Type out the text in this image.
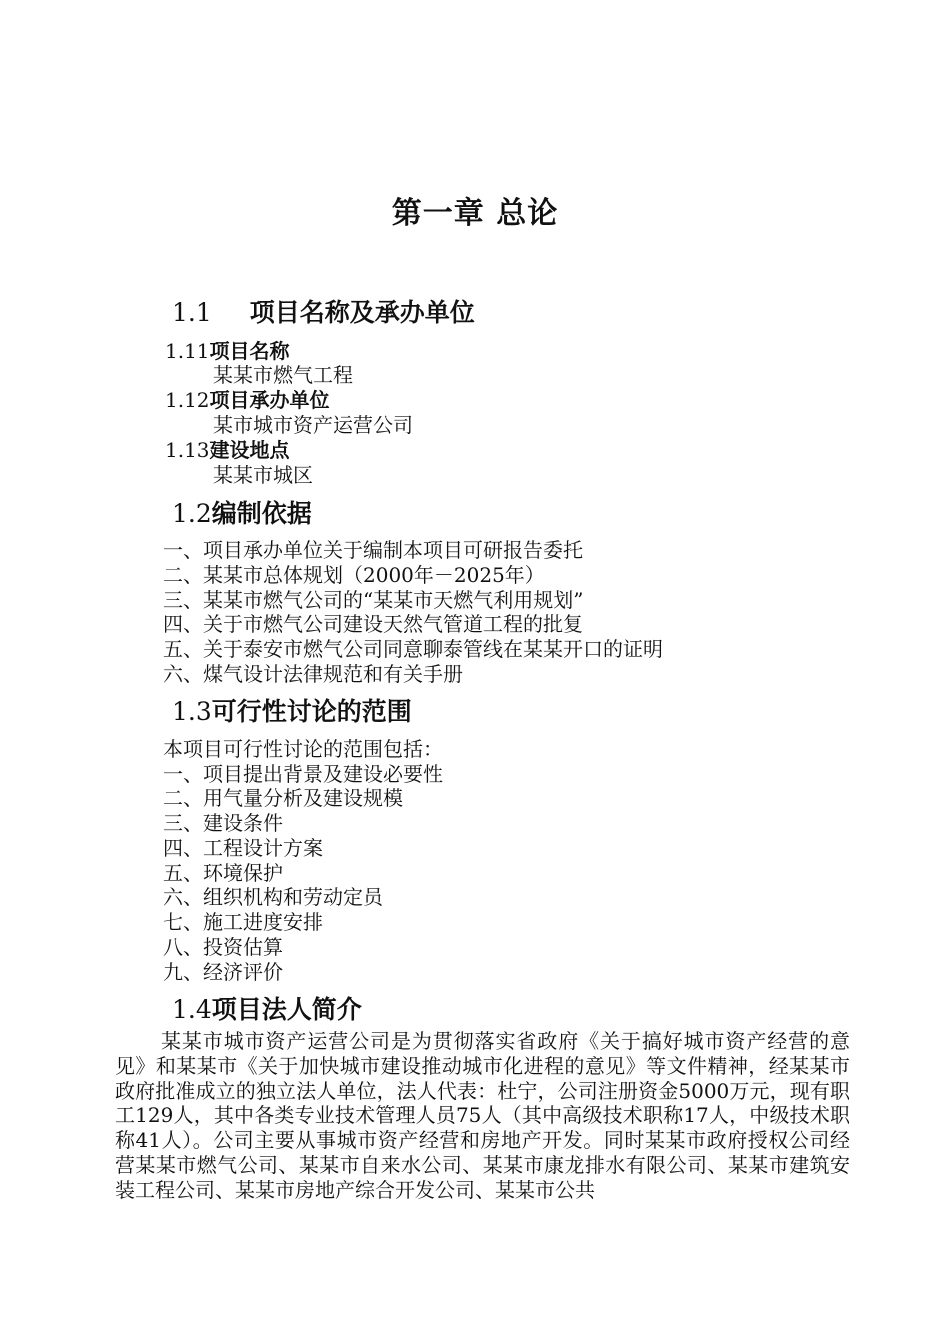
第一章 总论
1.1 项目名称及承办单位
1.11项目名称
某某市燃气工程
1.12项目承办单位
某市城市资产运营公司
1.13建设地点
某某市城区
1.2编制依据
一、项目承办单位关于编制本项目可研报告委托
二、某某市总体规划（2000年－2025年）
三、某某市燃气公司的“某某市天燃气利用规划”
四、关于市燃气公司建设天然气管道工程的批复
五、关于泰安市燃气公司同意聊泰管线在某某开口的证明
六、煤气设计法律规范和有关手册
1.3可行性讨论的范围
本项目可行性讨论的范围包括：
一、项目提出背景及建设必要性
二、用气量分析及建设规模
三、建设条件
四、工程设计方案
五、环境保护
六、组织机构和劳动定员
七、施工进度安排
八、投资估算
九、经济评价
1.4项目法人简介
某某市城市资产运营公司是为贯彻落实省政府《关于搞好城市资产经营的意见》和某某市《关于加快城市建设推动城市化进程的意见》等文件精神，经某某市政府批准成立的独立法人单位，法人代表：杜宁，公司注册资金5000万元，现有职工129人，其中各类专业技术管理人员75人（其中高级技术职称17人，中级技术职称41人）。公司主要从事城市资产经营和房地产开发。同时某某市政府授权公司经营某某市燃气公司、某某市自来水公司、某某市康龙排水有限公司、某某市建筑安装工程公司、某某市房地产综合开发公司、某某市公共
